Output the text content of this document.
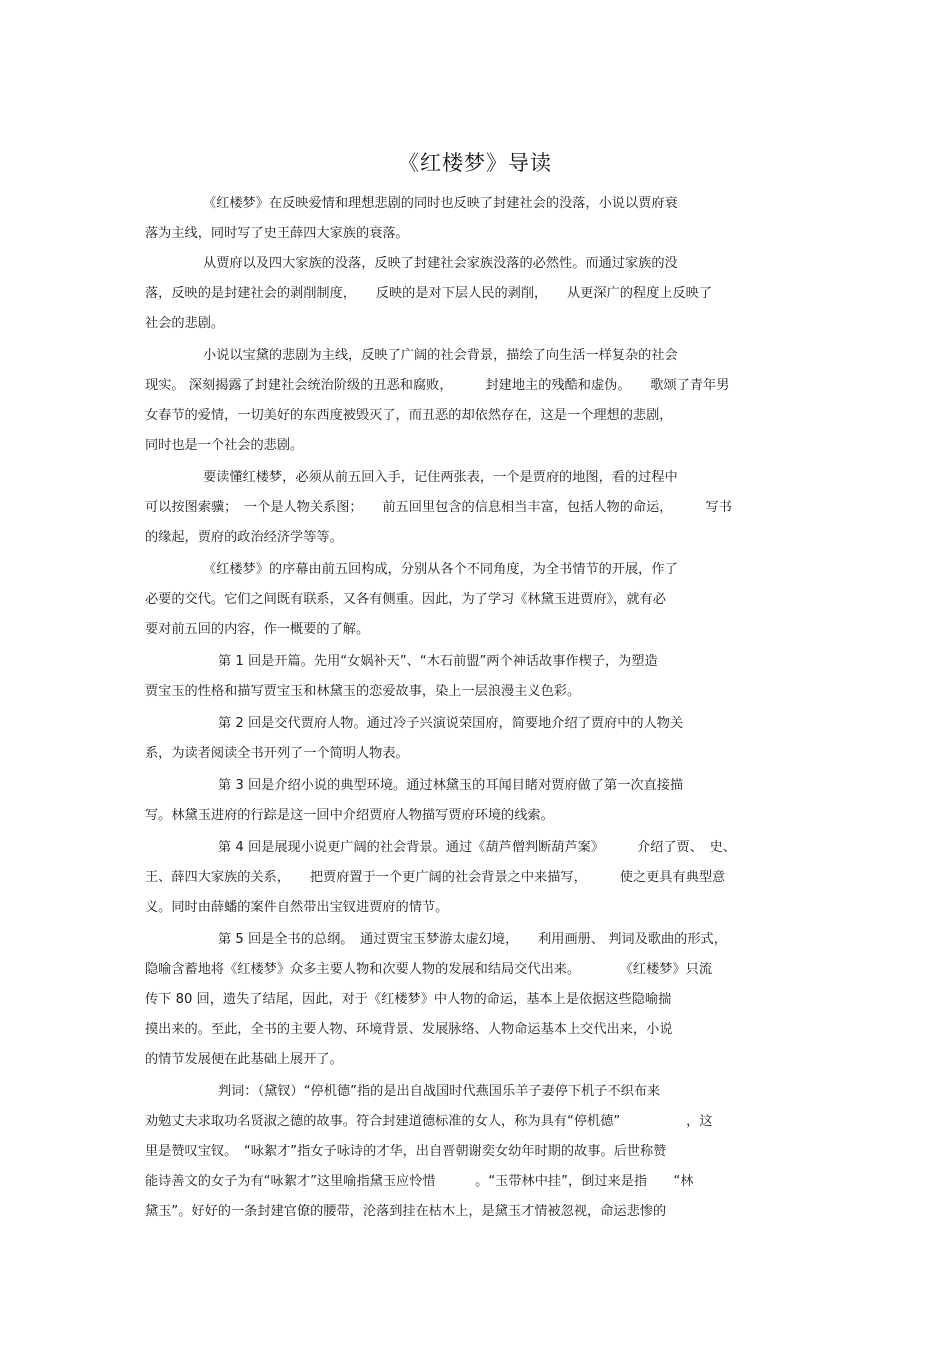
《红楼梦》导读
《红楼梦》在反映爱情和理想悲剧的同时也反映了封建社会的没落，小说以贾府衰
落为主线，同时写了史王薛四大家族的衰落。
从贾府以及四大家族的没落，反映了封建社会家族没落的必然性。而通过家族的没
落，反映的是封建社会的剥削制度，　　反映的是对下层人民的剥削，　　从更深广的程度上反映了
社会的悲剧。
小说以宝黛的悲剧为主线，反映了广阔的社会背景，描绘了向生活一样复杂的社会
现实。 深刻揭露了封建社会统治阶级的丑恶和腐败，　　　封建地主的残酷和虚伪。　　歌颂了青年男
女春节的爱情，一切美好的东西度被毁灭了，而丑恶的却依然存在，这是一个理想的悲剧，
同时也是一个社会的悲剧。
要读懂红楼梦，必须从前五回入手，记住两张表，一个是贾府的地图，看的过程中
可以按图索骥；　一个是人物关系图；　　前五回里包含的信息相当丰富，包括人物的命运，　　　写书
的缘起，贾府的政治经济学等等。
《红楼梦》的序幕由前五回构成，分别从各个不同角度，为全书情节的开展，作了
必要的交代。它们之间既有联系，又各有侧重。因此，为了学习《林黛玉进贾府》，就有必
要对前五回的内容，作一概要的了解。
第 1 回是开篇。先用“女娲补天”、“木石前盟”两个神话故事作楔子，为塑造
贾宝玉的性格和描写贾宝玉和林黛玉的恋爱故事，染上一层浪漫主义色彩。
第 2 回是交代贾府人物。通过冷子兴演说荣国府，简要地介绍了贾府中的人物关
系，为读者阅读全书开列了一个简明人物表。
第 3 回是介绍小说的典型环境。通过林黛玉的耳闻目睹对贾府做了第一次直接描
写。林黛玉进府的行踪是这一回中介绍贾府人物描写贾府环境的线索。
第 4 回是展现小说更广阔的社会背景。通过《葫芦僧判断葫芦案》　　　介绍了贾、　史、
王、薛四大家族的关系，　　把贾府置于一个更广阔的社会背景之中来描写，　　　使之更具有典型意
义。同时由薛蟠的案件自然带出宝钗进贾府的情节。
第 5 回是全书的总纲。　通过贾宝玉梦游太虚幻境，　　利用画册、 判词及歌曲的形式，
隐喻含蓄地将《红楼梦》众多主要人物和次要人物的发展和结局交代出来。　　　　《红楼梦》只流
传下 80 回，遗失了结尾，因此，对于《红楼梦》中人物的命运，基本上是依据这些隐喻揣
摸出来的。至此，全书的主要人物、环境背景、发展脉络、人物命运基本上交代出来，小说
的情节发展便在此基础上展开了。
判词：（黛钗）“停机德”指的是出自战国时代燕国乐羊子妻停下机子不织布来
劝勉丈夫求取功名贤淑之德的故事。符合封建道德标准的女人，称为具有“停机德”　　　　　，这
里是赞叹宝钗。　“咏絮才”指女子咏诗的才华，出自晋朝谢奕女幼年时期的故事。后世称赞
能诗善文的女子为有“咏絮才”这里喻指黛玉应怜惜　　　。“玉带林中挂”，倒过来是指　　“林
黛玉”。好好的一条封建官僚的腰带，沦落到挂在枯木上，是黛玉才情被忽视，命运悲惨的
